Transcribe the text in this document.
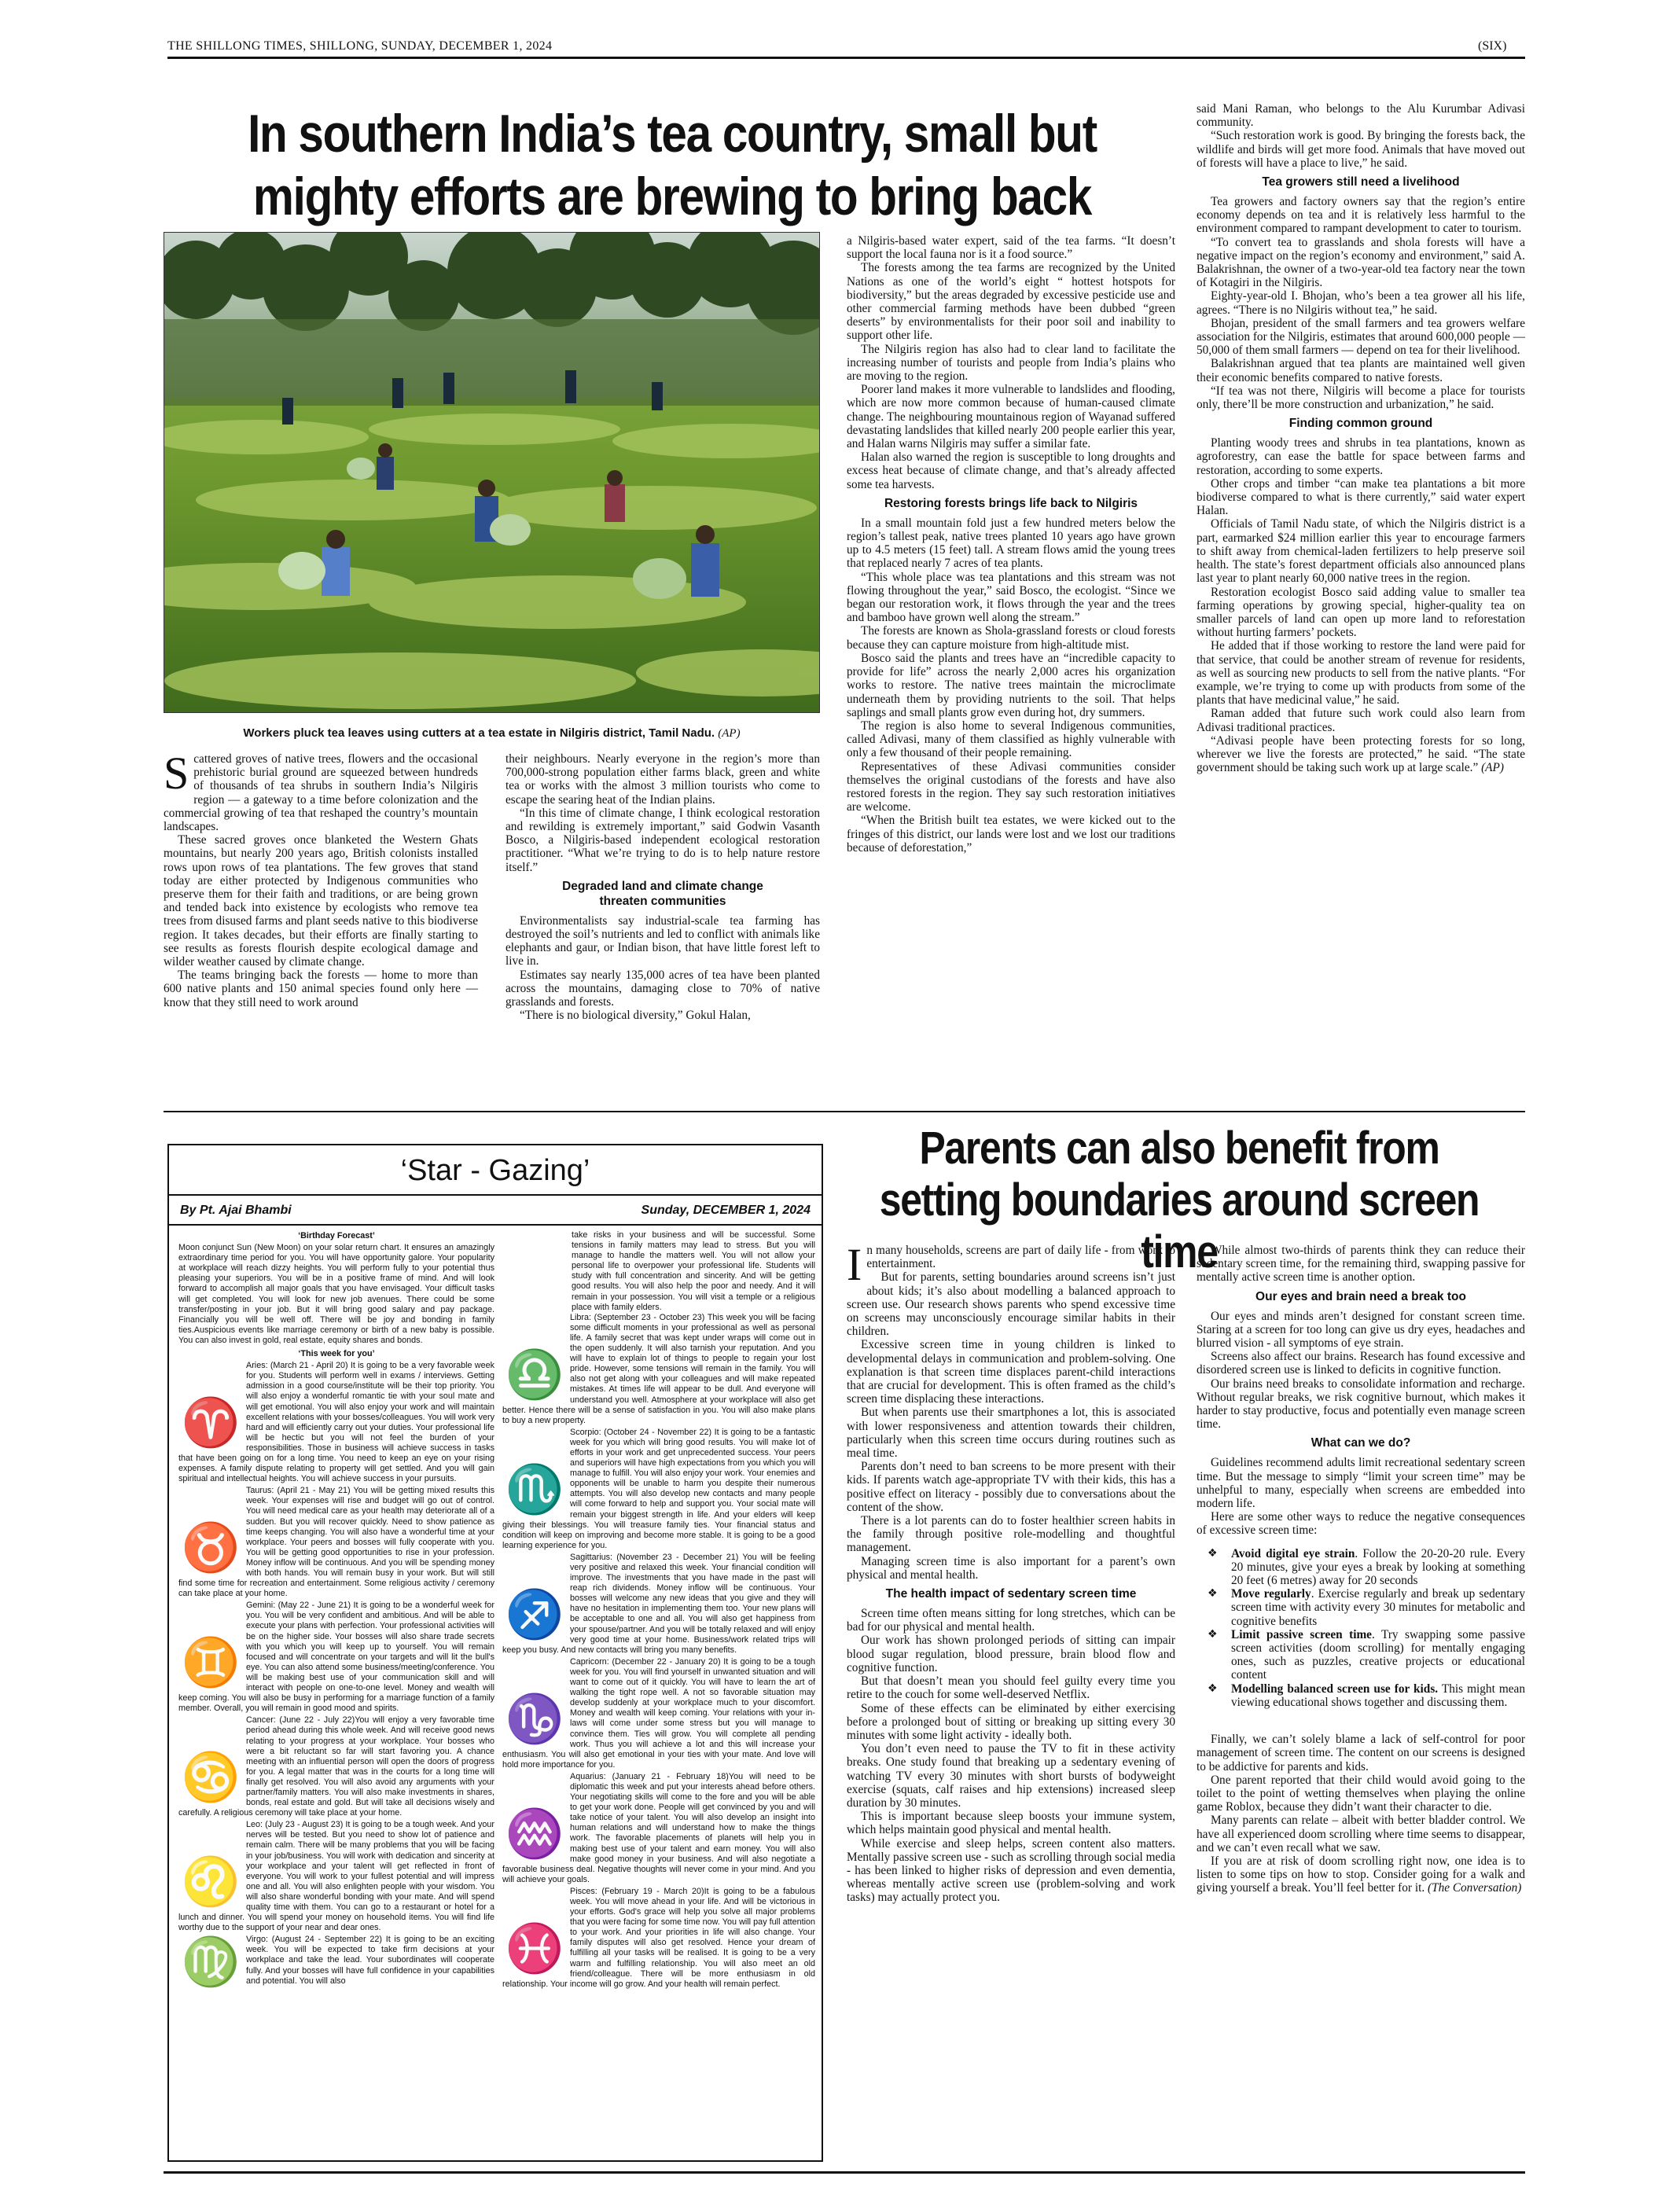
THE SHILLONG TIMES, SHILLONG, SUNDAY, DECEMBER 1, 2024	(SIX)
In southern India’s tea country, small but mighty efforts are brewing to bring back
Workers pluck tea leaves using cutters at a tea estate in Nilgiris district, Tamil Nadu. (AP)
S cattered groves of native trees, flowers and the occasional prehistoric burial ground are squeezed between hundreds of thousands of tea shrubs in southern India’s Nilgiris region — a gateway to a time before colonization and the commercial growing of tea that reshaped the country’s mountain landscapes.

These sacred groves once blanketed the Western Ghats mountains, but nearly 200 years ago, British colonists installed rows upon rows of tea plantations. The few groves that stand today are either protected by Indigenous communities who preserve them for their faith and traditions, or are being grown and tended back into existence by ecologists who remove tea trees from disused farms and plant seeds native to this biodiverse region. It takes decades, but their efforts are finally starting to see results as forests flourish despite ecological damage and wilder weather caused by climate change.

The teams bringing back the forests — home to more than 600 native plants and 150 animal species found only here — know that they still need to work around

their neighbours. Nearly everyone in the region’s more than 700,000-strong population either farms black, green and white tea or works with the almost 3 million tourists who come to escape the searing heat of the Indian plains.

“In this time of climate change, I think ecological restoration and rewilding is extremely important,” said Godwin Vasanth Bosco, a Nilgiris-based independent ecological restoration practitioner. “What we’re trying to do is to help nature restore itself.”

Degraded land and climate change threaten communities

Environmentalists say industrial-scale tea farming has destroyed the soil’s nutrients and led to conflict with animals like elephants and gaur, or Indian bison, that have little forest left to live in.

Estimates say nearly 135,000 acres of tea have been planted across the mountains, damaging close to 70% of native grasslands and forests.

“There is no biological diversity,” Gokul Halan,

a Nilgiris-based water expert, said of the tea farms. “It doesn’t support the local fauna nor is it a food source.”

The forests among the tea farms are recognized by the United Nations as one of the world’s eight “ hottest hotspots for biodiversity,” but the areas degraded by excessive pesticide use and other commercial farming methods have been dubbed “green deserts” by environmentalists for their poor soil and inability to support other life.

The Nilgiris region has also had to clear land to facilitate the increasing number of tourists and people from India’s plains who are moving to the region.

Poorer land makes it more vulnerable to landslides and flooding, which are now more common because of human-caused climate change. The neighbouring mountainous region of Wayanad suffered devastating landslides that killed nearly 200 people earlier this year, and Halan warns Nilgiris may suffer a similar fate.

Halan also warned the region is susceptible to long droughts and excess heat because of climate change, and that’s already affected some tea harvests.

Restoring forests brings life back to Nilgiris

In a small mountain fold just a few hundred meters below the region’s tallest peak, native trees planted 10 years ago have grown up to 4.5 meters (15 feet) tall. A stream flows amid the young trees that replaced nearly 7 acres of tea plants.

“This whole place was tea plantations and this stream was not flowing throughout the year,” said Bosco, the ecologist. “Since we began our restoration work, it flows through the year and the trees and bamboo have grown well along the stream.”

The forests are known as Shola-grassland forests or cloud forests because they can capture moisture from high-altitude mist.

Bosco said the plants and trees have an “incredible capacity to provide for life” across the nearly 2,000 acres his organization works to restore. The native trees maintain the microclimate underneath them by providing nutrients to the soil. That helps saplings and small plants grow even during hot, dry summers.

The region is also home to several Indigenous communities, called Adivasi, many of them classified as highly vulnerable with only a few thousand of their people remaining.

Representatives of these Adivasi communities consider themselves the original custodians of the forests and have also restored forests in the region. They say such restoration initiatives are welcome.

“When the British built tea estates, we were kicked out to the fringes of this district, our lands were lost and we lost our traditions because of deforestation,”

said Mani Raman, who belongs to the Alu Kurumbar Adivasi community.

“Such restoration work is good. By bringing the forests back, the wildlife and birds will get more food. Animals that have moved out of forests will have a place to live,” he said.

Tea growers still need a livelihood

Tea growers and factory owners say that the region’s entire economy depends on tea and it is relatively less harmful to the environment compared to rampant development to cater to tourism.

“To convert tea to grasslands and shola forests will have a negative impact on the region’s economy and environment,” said A. Balakrishnan, the owner of a two-year-old tea factory near the town of Kotagiri in the Nilgiris.

Eighty-year-old I. Bhojan, who’s been a tea grower all his life, agrees. “There is no Nilgiris without tea,” he said.

Bhojan, president of the small farmers and tea growers welfare association for the Nilgiris, estimates that around 600,000 people — 50,000 of them small farmers — depend on tea for their livelihood.

Balakrishnan argued that tea plants are maintained well given their economic benefits compared to native forests.

“If tea was not there, Nilgiris will become a place for tourists only, there’ll be more construction and urbanization,” he said.

Finding common ground

Planting woody trees and shrubs in tea plantations, known as agroforestry, can ease the battle for space between farms and restoration, according to some experts.

Other crops and timber “can make tea plantations a bit more biodiverse compared to what is there currently,” said water expert Halan.

Officials of Tamil Nadu state, of which the Nilgiris district is a part, earmarked $24 million earlier this year to encourage farmers to shift away from chemical-laden fertilizers to help preserve soil health. The state’s forest department officials also announced plans last year to plant nearly 60,000 native trees in the region.

Restoration ecologist Bosco said adding value to smaller tea farming operations by growing special, higher-quality tea on smaller parcels of land can open up more land to reforestation without hurting farmers’ pockets.

He added that if those working to restore the land were paid for that service, that could be another stream of revenue for residents, as well as sourcing new products to sell from the native plants. “For example, we’re trying to come up with products from some of the plants that have medicinal value,” he said.

Raman added that future such work could also learn from Adivasi traditional practices.

“Adivasi people have been protecting forests for so long, wherever we live the forests are protected,” he said. “The state government should be taking such work up at large scale.” (AP)

‘Star - Gazing’
By Pt. Ajai Bhambi	Sunday, DECEMBER 1, 2024

‘Birthday Forecast’

Moon conjunct Sun (New Moon) on your solar return chart. It ensures an amazingly extraordinary time period for you. You will have opportunity galore. Your popularity at workplace will reach dizzy heights. You will perform fully to your potential thus pleasing your superiors. You will be in a positive frame of mind. And will look forward to accomplish all major goals that you have envisaged. Your difficult tasks will get completed. You will look for new job avenues. There could be some transfer/posting in your job. But it will bring good salary and pay package. Financially you will be well off. There will be joy and bonding in family ties.Auspicious events like marriage ceremony or birth of a new baby is possible. You can also invest in gold, real estate, equity shares and bonds.

‘This week for you’

♈

Aries: (March 21 - April 20) It is going to be a very favorable week for you. Students will perform well in exams / interviews. Getting admission in a good course/institute will be their top priority. You will also enjoy a wonderful romantic tie with your soul mate and will get emotional. You will also enjoy your work and will maintain excellent relations with your bosses/colleagues. You will work very hard and will efficiently carry out your duties. Your professional life will be hectic but you will not feel the burden of your responsibilities. Those in business will achieve success in tasks that have been going on for a long time. You need to keep an eye on your rising expenses. A family dispute relating to property will get settled. And you will gain spiritual and intellectual heights. You will achieve success in your pursuits.

♉

Taurus: (April 21 - May 21) You will be getting mixed results this week. Your expenses will rise and budget will go out of control. You will need medical care as your health may deteriorate all of a sudden. But you will recover quickly. Need to show patience as time keeps changing. You will also have a wonderful time at your workplace. Your peers and bosses will fully cooperate with you. You will be getting good opportunities to rise in your profession. Money inflow will be continuous. And you will be spending money with both hands. You will remain busy in your work. But will still find some time for recreation and entertainment. Some religious activity / ceremony can take place at your home.

♊

Gemini: (May 22 - June 21) It is going to be a wonderful week for you. You will be very confident and ambitious. And will be able to execute your plans with perfection. Your professional activities will be on the higher side. Your bosses will also share trade secrets with you which you will keep up to yourself. You will remain focused and will concentrate on your targets and will lit the bull's eye. You can also attend some business/meeting/conference. You will be making best use of your communication skill and will interact with people on one-to-one level. Money and wealth will keep coming. You will also be busy in performing for a marriage function of a family member. Overall, you will remain in good mood and spirits.

♋

Cancer: (June 22 - July 22)You will enjoy a very favorable time period ahead during this whole week. And will receive good news relating to your progress at your workplace. Your bosses who were a bit reluctant so far will start favoring you. A chance meeting with an influential person will open the doors of progress for you. A legal matter that was in the courts for a long time will finally get resolved. You will also avoid any arguments with your partner/family matters. You will also make investments in shares, bonds, real estate and gold. But will take all decisions wisely and carefully. A religious ceremony will take place at your home.

♌

Leo: (July 23 - August 23) It is going to be a tough week. And your nerves will be tested. But you need to show lot of patience and remain calm. There will be many problems that you will be facing in your job/business. You will work with dedication and sincerity at your workplace and your talent will get reflected in front of everyone. You will work to your fullest potential and will impress one and all. You will also enlighten people with your wisdom. You will also share wonderful bonding with your mate. And will spend quality time with them. You can go to a restaurant or hotel for a lunch and dinner. You will spend your money on household items. You will find life worthy due to the support of your near and dear ones.

♍ Virgo: (August 24 - September 22) It is going to be an exciting week. You will be expected to take firm decisions at your workplace and take the lead. Your subordinates will cooperate fully. And your bosses will have full confidence in your capabilities and potential. You will also

take risks in your business and will be successful. Some tensions in family matters may lead to stress. But you will manage to handle the matters well. You will not allow your personal life to overpower your professional life. Students will study with full concentration and sincerity. And will be getting good results. You will also help the poor and needy. And it will remain in your possession. You will visit a temple or a religious place with family elders.

♎

Libra: (September 23 - October 23) This week you will be facing some difficult moments in your professional as well as personal life. A family secret that was kept under wraps will come out in the open suddenly. It will also tarnish your reputation. And you will have to explain lot of things to people to regain your lost pride. However, some tensions will remain in the family. You will also not get along with your colleagues and will make repeated mistakes. At times life will appear to be dull. And everyone will understand you well. Atmosphere at your workplace will also get better. Hence there will be a sense of satisfaction in you. You will also make plans to buy a new property.

♏

Scorpio: (October 24 - November 22) It is going to be a fantastic week for you which will bring good results. You will make lot of efforts in your work and get unprecedented success. Your peers and superiors will have high expectations from you which you will manage to fulfill. You will also enjoy your work. Your enemies and opponents will be unable to harm you despite their numerous attempts. You will also develop new contacts and many people will come forward to help and support you. Your social mate will remain your biggest strength in life. And your elders will keep giving their blessings. You will treasure family ties. Your financial status and condition will keep on improving and become more stable. It is going to be a good learning experience for you.

♐

Sagittarius: (November 23 - December 21) You will be feeling very positive and relaxed this week. Your financial condition will improve. The investments that you have made in the past will reap rich dividends. Money inflow will be continuous. Your bosses will welcome any new ideas that you give and they will have no hesitation in implementing them too. Your new plans will be acceptable to one and all. You will also get happiness from your spouse/partner. And you will be totally relaxed and will enjoy very good time at your home. Business/work related trips will keep you busy. And new contacts will bring you many benefits.

♑

Capricorn: (December 22 - January 20) It is going to be a tough week for you. You will find yourself in unwanted situation and will want to come out of it quickly. You will have to learn the art of walking the tight rope well. A not so favorable situation may develop suddenly at your workplace much to your discomfort. Money and wealth will keep coming. Your relations with your in-laws will come under some stress but you will manage to convince them. Ties will grow. You will complete all pending work. Thus you will achieve a lot and this will increase your enthusiasm. You will also get emotional in your ties with your mate. And love will hold more importance for you.

♒

Aquarius: (January 21 - February 18)You will need to be diplomatic this week and put your interests ahead before others. Your negotiating skills will come to the fore and you will be able to get your work done. People will get convinced by you and will take notice of your talent. You will also develop an insight into human relations and will understand how to make the things work. The favorable placements of planets will help you in making best use of your talent and earn money. You will also make good money in your business. And will also negotiate a favorable business deal. Negative thoughts will never come in your mind. And you will achieve your goals.

♓

Pisces: (February 19 - March 20)It is going to be a fabulous week. You will move ahead in your life. And will be victorious in your efforts. God's grace will help you solve all major problems that you were facing for some time now. You will pay full attention to your work. And your priorities in life will also change. Your family disputes will also get resolved. Hence your dream of fulfilling all your tasks will be realised. It is going to be a very warm and fulfilling relationship. You will also meet an old friend/colleague. There will be more enthusiasm in old relationship. Your income will go grow. And your health will remain perfect.

Parents can also benefit from setting boundaries around screen time
I n many households, screens are part of daily life - from work to entertainment.

But for parents, setting boundaries around screens isn’t just about kids; it’s also about modelling a balanced approach to screen use. Our research shows parents who spend excessive time on screens may unconsciously encourage similar habits in their children.

Excessive screen time in young children is linked to developmental delays in communication and problem-solving. One explanation is that screen time displaces parent-child interactions that are crucial for development. This is often framed as the child’s screen time displacing these interactions.

But when parents use their smartphones a lot, this is associated with lower responsiveness and attention towards their children, particularly when this screen time occurs during routines such as meal time.

Parents don’t need to ban screens to be more present with their kids. If parents watch age-appropriate TV with their kids, this has a positive effect on literacy - possibly due to conversations about the content of the show.

There is a lot parents can do to foster healthier screen habits in the family through positive role-modelling and thoughtful management.

Managing screen time is also important for a parent’s own physical and mental health.

The health impact of sedentary screen time

Screen time often means sitting for long stretches, which can be bad for our physical and mental health.

Our work has shown prolonged periods of sitting can impair blood sugar regulation, blood pressure, brain blood flow and cognitive function.

But that doesn’t mean you should feel guilty every time you retire to the couch for some well-deserved Netflix.

Some of these effects can be eliminated by either exercising before a prolonged bout of sitting or breaking up sitting every 30 minutes with some light activity - ideally both.

You don’t even need to pause the TV to fit in these activity breaks. One study found that breaking up a sedentary evening of watching TV every 30 minutes with short bursts of bodyweight exercise (squats, calf raises and hip extensions) increased sleep duration by 30 minutes.

This is important because sleep boosts your immune system, which helps maintain good physical and mental health.

While exercise and sleep helps, screen content also matters. Mentally passive screen use - such as scrolling through social media - has been linked to higher risks of depression and even dementia, whereas mentally active screen use (problem-solving and work tasks) may actually protect you.

While almost two-thirds of parents think they can reduce their sedentary screen time, for the remaining third, swapping passive for mentally active screen time is another option.

Our eyes and brain need a break too

Our eyes and minds aren’t designed for constant screen time. Staring at a screen for too long can give us dry eyes, headaches and blurred vision - all symptoms of eye strain.

Screens also affect our brains. Research has found excessive and disordered screen use is linked to deficits in cognitive function.

Our brains need breaks to consolidate information and recharge. Without regular breaks, we risk cognitive burnout, which makes it harder to stay productive, focus and potentially even manage screen time.

What can we do?

Guidelines recommend adults limit recreational sedentary screen time. But the message to simply “limit your screen time” may be unhelpful to many, especially when screens are embedded into modern life.

Here are some other ways to reduce the negative consequences of excessive screen time:

❖ Avoid digital eye strain. Follow the 20-20-20 rule. Every 20 minutes, give your eyes a break by looking at something 20 feet (6 metres) away for 20 seconds
❖ Move regularly. Exercise regularly and break up sedentary screen time with activity every 30 minutes for metabolic and cognitive benefits
❖ Limit passive screen time. Try swapping some passive screen activities (doom scrolling) for mentally engaging ones, such as puzzles, creative projects or educational content
❖ Modelling balanced screen use for kids. This might mean viewing educational shows together and discussing them.

Finally, we can’t solely blame a lack of self-control for poor management of screen time. The content on our screens is designed to be addictive for parents and kids.

One parent reported that their child would avoid going to the toilet to the point of wetting themselves when playing the online game Roblox, because they didn’t want their character to die.

Many parents can relate – albeit with better bladder control. We have all experienced doom scrolling where time seems to disappear, and we can’t even recall what we saw.

If you are at risk of doom scrolling right now, one idea is to listen to some tips on how to stop. Consider going for a walk and giving yourself a break. You’ll feel better for it. (The Conversation)
